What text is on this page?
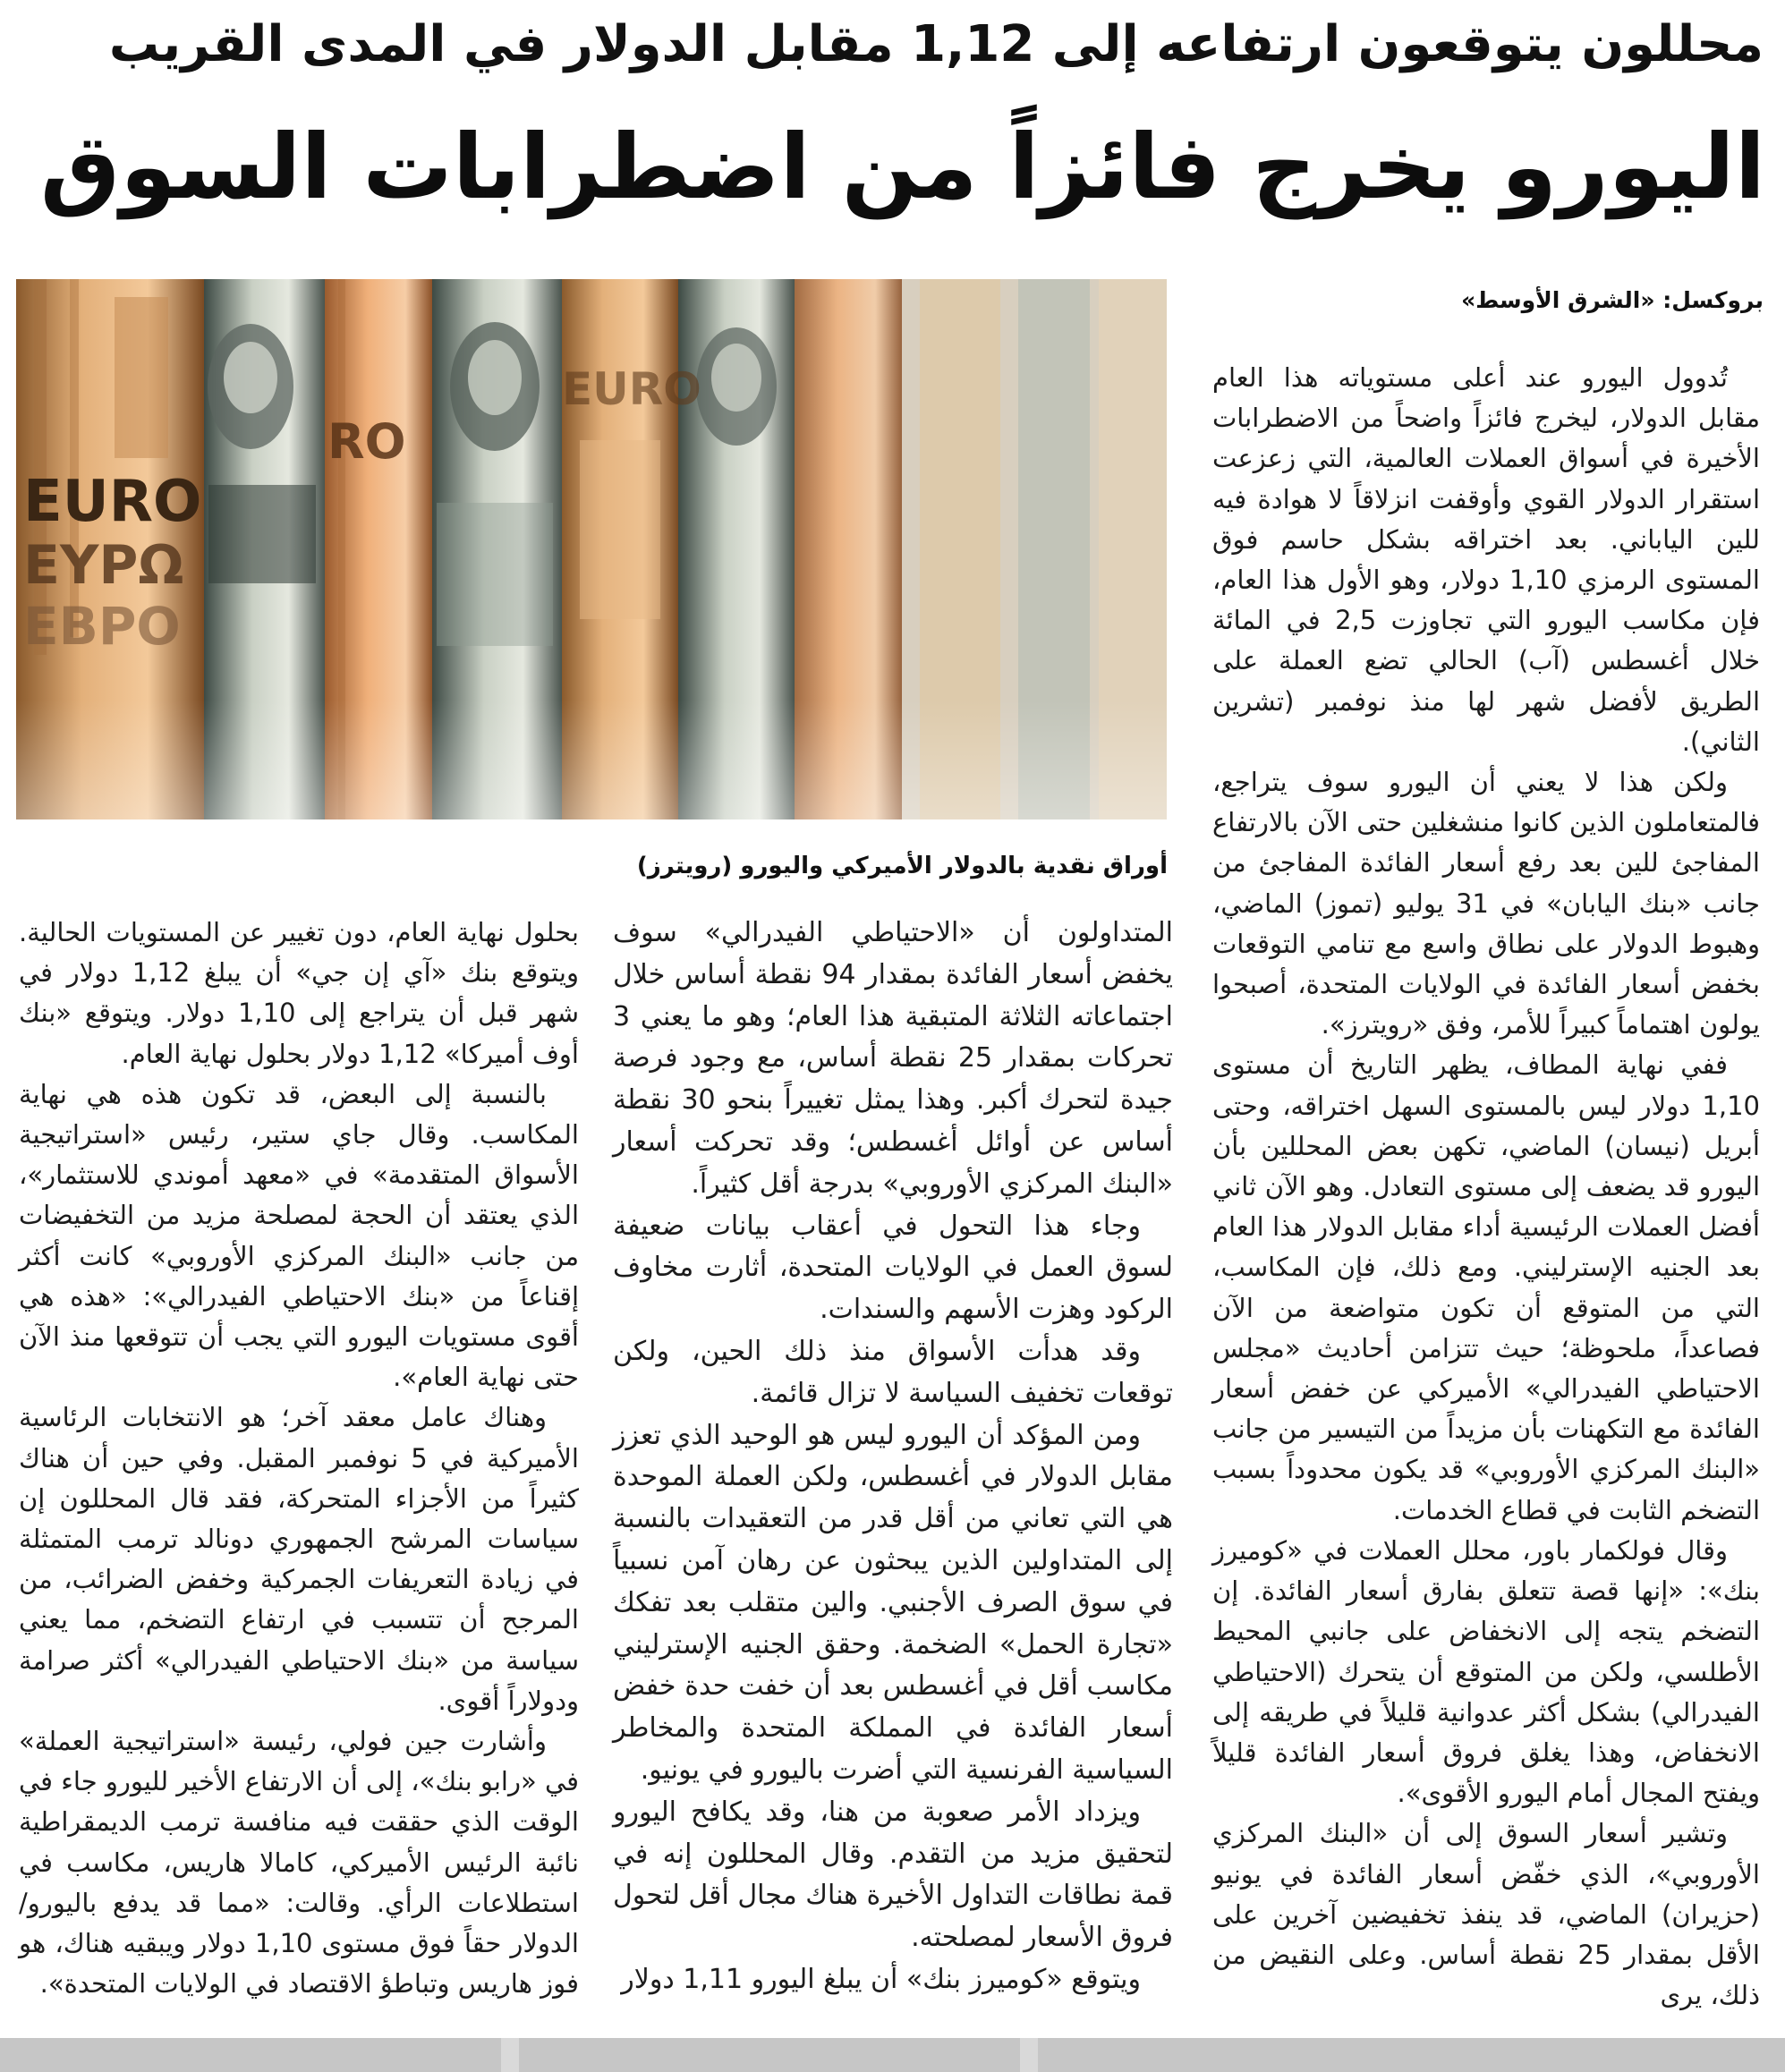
محللون يتوقعون ارتفاعه إلى 1,12 مقابل الدولار في المدى القريب
اليورو يخرج فائزاً من اضطرابات السوق
بروكسل: «الشرق الأوسط»
EURO
ΕΥΡΩ
ЕВРО
RO
EURO
أوراق نقدية بالدولار الأميركي واليورو (رويترز)

تُدوول اليورو عند أعلى مستوياته هذا العام مقابل الدولار، ليخرج فائزاً واضحاً من الاضطرابات الأخيرة في أسواق العملات العالمية، التي زعزعت استقرار الدولار القوي وأوقفت انزلاقاً لا هوادة فيه للين الياباني. بعد اختراقه بشكل حاسم فوق المستوى الرمزي 1,10 دولار، وهو الأول هذا العام، فإن مكاسب اليورو التي تجاوزت 2,5 في المائة خلال أغسطس (آب) الحالي تضع العملة على الطريق لأفضل شهر لها منذ نوفمبر (تشرين الثاني).

ولكن هذا لا يعني أن اليورو سوف يتراجع، فالمتعاملون الذين كانوا منشغلين حتى الآن بالارتفاع المفاجئ للين بعد رفع أسعار الفائدة المفاجئ من جانب «بنك اليابان» في 31 يوليو (تموز) الماضي، وهبوط الدولار على نطاق واسع مع تنامي التوقعات بخفض أسعار الفائدة في الولايات المتحدة، أصبحوا يولون اهتماماً كبيراً للأمر، وفق «رويترز».

ففي نهاية المطاف، يظهر التاريخ أن مستوى 1,10 دولار ليس بالمستوى السهل اختراقه، وحتى أبريل (نيسان) الماضي، تكهن بعض المحللين بأن اليورو قد يضعف إلى مستوى التعادل. وهو الآن ثاني أفضل العملات الرئيسية أداء مقابل الدولار هذا العام بعد الجنيه الإسترليني. ومع ذلك، فإن المكاسب، التي من المتوقع أن تكون متواضعة من الآن فصاعداً، ملحوظة؛ حيث تتزامن أحاديث «مجلس الاحتياطي الفيدرالي» الأميركي عن خفض أسعار الفائدة مع التكهنات بأن مزيداً من التيسير من جانب «البنك المركزي الأوروبي» قد يكون محدوداً بسبب التضخم الثابت في قطاع الخدمات.

وقال فولكمار باور، محلل العملات في «كوميرز بنك»: «إنها قصة تتعلق بفارق أسعار الفائدة. إن التضخم يتجه إلى الانخفاض على جانبي المحيط الأطلسي، ولكن من المتوقع أن يتحرك (الاحتياطي الفيدرالي) بشكل أكثر عدوانية قليلاً في طريقه إلى الانخفاض، وهذا يغلق فروق أسعار الفائدة قليلاً ويفتح المجال أمام اليورو الأقوى».

وتشير أسعار السوق إلى أن «البنك المركزي الأوروبي»، الذي خفّض أسعار الفائدة في يونيو (حزيران) الماضي، قد ينفذ تخفيضين آخرين على الأقل بمقدار 25 نقطة أساس. وعلى النقيض من ذلك، يرى

المتداولون أن «الاحتياطي الفيدرالي» سوف يخفض أسعار الفائدة بمقدار 94 نقطة أساس خلال اجتماعاته الثلاثة المتبقية هذا العام؛ وهو ما يعني 3 تحركات بمقدار 25 نقطة أساس، مع وجود فرصة جيدة لتحرك أكبر. وهذا يمثل تغييراً بنحو 30 نقطة أساس عن أوائل أغسطس؛ وقد تحركت أسعار «البنك المركزي الأوروبي» بدرجة أقل كثيراً.

وجاء هذا التحول في أعقاب بيانات ضعيفة لسوق العمل في الولايات المتحدة، أثارت مخاوف الركود وهزت الأسهم والسندات.

وقد هدأت الأسواق منذ ذلك الحين، ولكن توقعات تخفيف السياسة لا تزال قائمة.

ومن المؤكد أن اليورو ليس هو الوحيد الذي تعزز مقابل الدولار في أغسطس، ولكن العملة الموحدة هي التي تعاني من أقل قدر من التعقيدات بالنسبة إلى المتداولين الذين يبحثون عن رهان آمن نسبياً في سوق الصرف الأجنبي. والين متقلب بعد تفكك «تجارة الحمل» الضخمة. وحقق الجنيه الإسترليني مكاسب أقل في أغسطس بعد أن خفت حدة خفض أسعار الفائدة في المملكة المتحدة والمخاطر السياسية الفرنسية التي أضرت باليورو في يونيو.

ويزداد الأمر صعوبة من هنا، وقد يكافح اليورو لتحقيق مزيد من التقدم. وقال المحللون إنه في قمة نطاقات التداول الأخيرة هناك مجال أقل لتحول فروق الأسعار لمصلحته.

ويتوقع «كوميرز بنك» أن يبلغ اليورو 1,11 دولار

بحلول نهاية العام، دون تغيير عن المستويات الحالية. ويتوقع بنك «آي إن جي» أن يبلغ 1,12 دولار في شهر قبل أن يتراجع إلى 1,10 دولار. ويتوقع «بنك أوف أميركا» 1,12 دولار بحلول نهاية العام.

بالنسبة إلى البعض، قد تكون هذه هي نهاية المكاسب. وقال جاي ستير، رئيس «استراتيجية الأسواق المتقدمة» في «معهد أموندي للاستثمار»، الذي يعتقد أن الحجة لمصلحة مزيد من التخفيضات من جانب «البنك المركزي الأوروبي» كانت أكثر إقناعاً من «بنك الاحتياطي الفيدرالي»: «هذه هي أقوى مستويات اليورو التي يجب أن تتوقعها منذ الآن حتى نهاية العام».

وهناك عامل معقد آخر؛ هو الانتخابات الرئاسية الأميركية في 5 نوفمبر المقبل. وفي حين أن هناك كثيراً من الأجزاء المتحركة، فقد قال المحللون إن سياسات المرشح الجمهوري دونالد ترمب المتمثلة في زيادة التعريفات الجمركية وخفض الضرائب، من المرجح أن تتسبب في ارتفاع التضخم، مما يعني سياسة من «بنك الاحتياطي الفيدرالي» أكثر صرامة ودولاراً أقوى.

وأشارت جين فولي، رئيسة «استراتيجية العملة» في «رابو بنك»، إلى أن الارتفاع الأخير لليورو جاء في الوقت الذي حققت فيه منافسة ترمب الديمقراطية نائبة الرئيس الأميركي، كامالا هاريس، مكاسب في استطلاعات الرأي. وقالت: «مما قد يدفع باليورو/ الدولار حقاً فوق مستوى 1,10 دولار ويبقيه هناك، هو فوز هاريس وتباطؤ الاقتصاد في الولايات المتحدة».
